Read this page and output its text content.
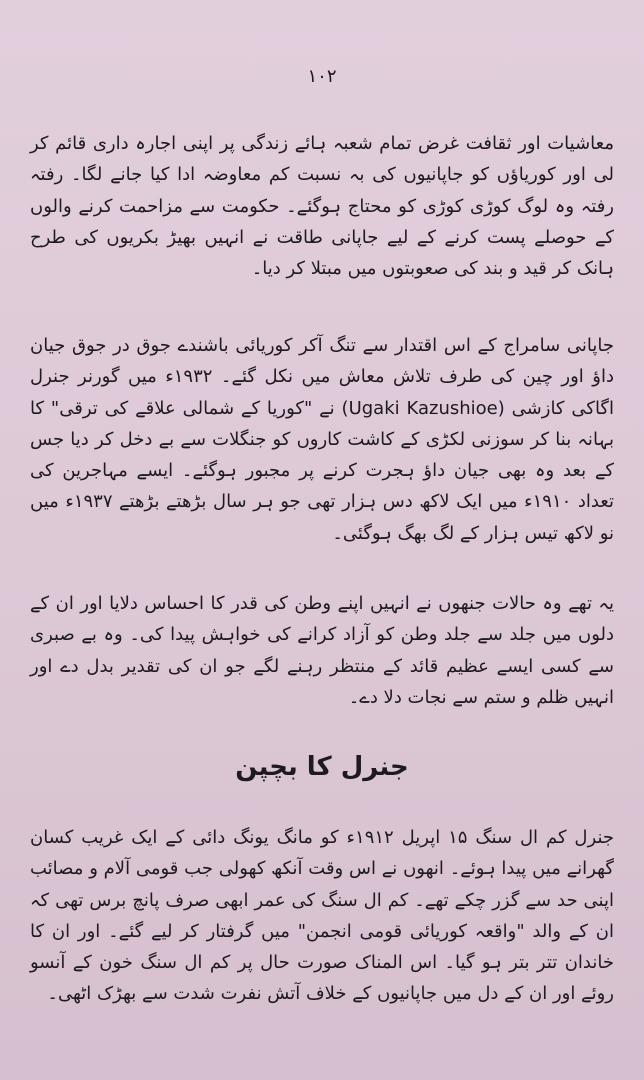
۱۰۲

معاشیات اور ثقافت غرض تمام شعبہ ہائے زندگی پر اپنی اجارہ داری قائم کر لی اور کوریاؤں کو جاپانیوں کی بہ نسبت کم معاوضہ ادا کیا جانے لگا۔ رفتہ رفتہ وہ لوگ کوڑی کوڑی کو محتاج ہوگئے۔ حکومت سے مزاحمت کرنے والوں کے حوصلے پست کرنے کے لیے جاپانی طاقت نے انہیں بھیڑ بکریوں کی طرح ہانک کر قید و بند کی صعوبتوں میں مبتلا کر دیا۔

جاپانی سامراج کے اس اقتدار سے تنگ آکر کوریائی باشندے جوق در جوق جیان داؤ اور چین کی طرف تلاش معاش میں نکل گئے۔ ۱۹۳۲ء میں گورنر جنرل اگاکی کازشی (Ugaki Kazushioe) نے "کوریا کے شمالی علاقے کی ترقی" کا بہانہ بنا کر سوزنی لکڑی کے کاشت کاروں کو جنگلات سے بے دخل کر دیا جس کے بعد وہ بھی جیان داؤ ہجرت کرنے پر مجبور ہوگئے۔ ایسے مہاجرین کی تعداد ۱۹۱۰ء میں ایک لاکھ دس ہزار تھی جو ہر سال بڑھتے بڑھتے ۱۹۳۷ء میں نو لاکھ تیس ہزار کے لگ بھگ ہوگئی۔

یہ تھے وہ حالات جنھوں نے انہیں اپنے وطن کی قدر کا احساس دلایا اور ان کے دلوں میں جلد سے جلد وطن کو آزاد کرانے کی خواہش پیدا کی۔ وہ بے صبری سے کسی ایسے عظیم قائد کے منتظر رہنے لگے جو ان کی تقدیر بدل دے اور انہیں ظلم و ستم سے نجات دلا دے۔

جنرل کا بچپن

جنرل کم ال سنگ ۱۵ اپریل ۱۹۱۲ء کو مانگ یونگ دائی کے ایک غریب کسان گھرانے میں پیدا ہوئے۔ انھوں نے اس وقت آنکھ کھولی جب قومی آلام و مصائب اپنی حد سے گزر چکے تھے۔ کم ال سنگ کی عمر ابھی صرف پانچ برس تھی کہ ان کے والد "واقعہ کوریائی قومی انجمن" میں گرفتار کر لیے گئے۔ اور ان کا خاندان تتر بتر ہو گیا۔ اس المناک صورت حال پر کم ال سنگ خون کے آنسو روئے اور ان کے دل میں جاپانیوں کے خلاف آتش نفرت شدت سے بھڑک اٹھی۔
